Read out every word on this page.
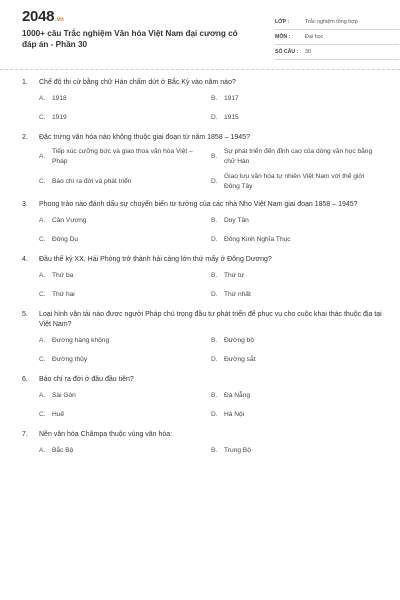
2048 .vn
1000+ câu Trắc nghiệm Văn hóa Việt Nam đại cương có đáp án - Phần 30
LỚP :	Trắc nghiệm tổng hợp
MÔN :	Đại học
SỐ CÂU :	30
1.	Chế độ thi cử bằng chữ Hán chấm dứt ở Bắc Kỳ vào năm nào?
A.	1918	B.	1917
C. 1919	D. 1915
2.	Đặc trưng văn hóa nào không thuộc giai đoạn từ năm 1858 – 1945?
A.
Tiếp xúc cưỡng bức và giao thoa văn hóa Việt – Pháp
B.
Sự phát triển đến đỉnh cao của dòng văn học bằng chữ Hán
C. Báo chí ra đời và phát triển	D.
Giao lưu văn hóa tự nhiên Việt Nam với thế giới Đông Tây
3.	Phong trào nào đánh dấu sự chuyển biến tư tưởng của các nhà Nho Việt Nam giai đoạn 1858 – 1945?
A.	Cần Vương	B.	Duy Tân
C. Đông Du	D. Đông Kinh Nghĩa Thục
4.	Đầu thế kỷ XX, Hải Phòng trở thành hải cảng lớn thứ mấy ở Đông Dương?
A.	Thứ ba	B.	Thứ tư
C. Thứ hai	D. Thứ nhất
5.	Loại hình vận tải nào được người Pháp chú trọng đầu tư phát triển để phục vụ cho cuộc khai thác thuộc địa tại Việt Nam?
A.	Đường hàng không	B.	Đường bộ
C. Đường thủy	D. Đường sắt
6.	Báo chí ra đời ở đâu đầu tiên?
A.	Sài Gòn	B.	Đà Nẵng
C. Huế	D. Hà Nội
7.	Nền văn hóa Chămpa thuộc vùng văn hóa:
A.	Bắc Bộ	B.	Trung Bộ
